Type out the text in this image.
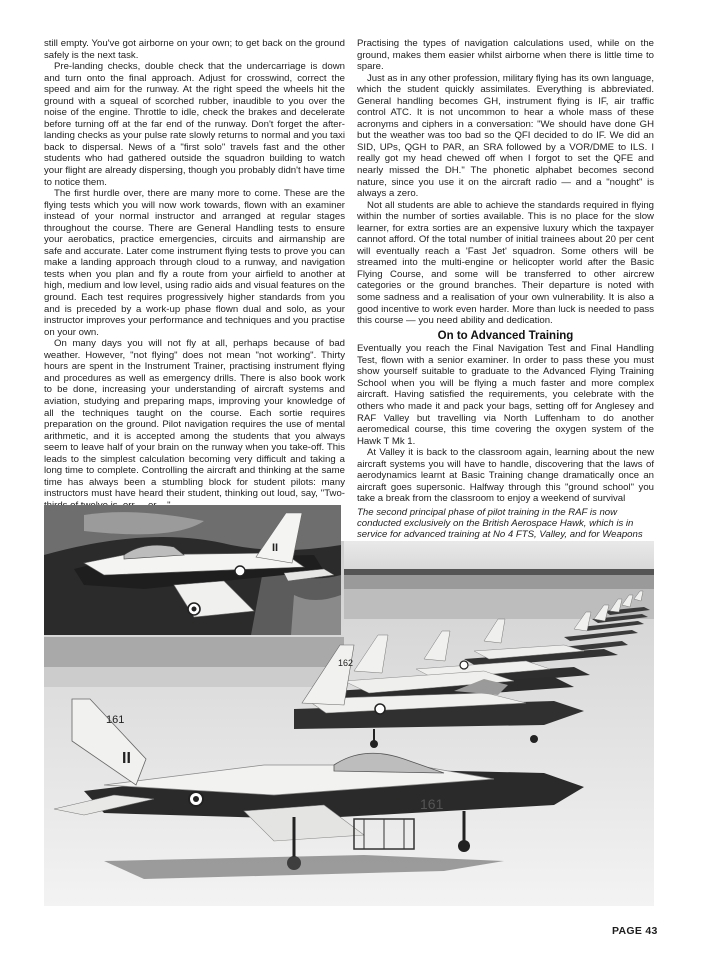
still empty. You've got airborne on your own; to get back on the ground safely is the next task.

Pre-landing checks, double check that the undercarriage is down and turn onto the final approach. Adjust for crosswind, correct the speed and aim for the runway. At the right speed the wheels hit the ground with a squeal of scorched rubber, inaudible to you over the noise of the engine. Throttle to idle, check the brakes and decelerate before turning off at the far end of the runway. Don't forget the after-landing checks as your pulse rate slowly returns to normal and you taxi back to dispersal. News of a "first solo" travels fast and the other students who had gathered outside the squadron building to watch your flight are already dispersing, though you probably didn't have time to notice them.

The first hurdle over, there are many more to come. These are the flying tests which you will now work towards, flown with an examiner instead of your normal instructor and arranged at regular stages throughout the course. There are General Handling tests to ensure your aerobatics, practice emergencies, circuits and airmanship are safe and accurate. Later come instrument flying tests to prove you can make a landing approach through cloud to a runway, and navigation tests when you plan and fly a route from your airfield to another at high, medium and low level, using radio aids and visual features on the ground. Each test requires progressively higher standards from you and is preceded by a work-up phase flown dual and solo, as your instructor improves your performance and techniques and you practise on your own.

On many days you will not fly at all, perhaps because of bad weather. However, "not flying" does not mean "not working". Thirty hours are spent in the Instrument Trainer, practising instrument flying and procedures as well as emergency drills. There is also book work to be done, increasing your understanding of aircraft systems and aviation, studying and preparing maps, improving your knowledge of all the techniques taught on the course. Each sortie requires preparation on the ground. Pilot navigation requires the use of mental arithmetic, and it is accepted among the students that you always seem to leave half of your brain on the runway when you take-off. This leads to the simplest calculation becoming very difficult and taking a long time to complete. Controlling the aircraft and thinking at the same time has always been a stumbling block for student pilots: many instructors must have heard their student, thinking out loud, say, "Two-

Practising the types of navigation calculations used, while on the ground, makes them easier whilst airborne when there is little time to spare.

Just as in any other profession, military flying has its own language, which the student quickly assimilates. Everything is abbreviated. General handling becomes GH, instrument flying is IF, air traffic control ATC. It is not uncommon to hear a whole mass of these acronyms and ciphers in a conversation: "We should have done GH but the weather was too bad so the QFI decided to do IF. We did an SID, UPs, QGH to PAR, an SRA followed by a VOR/DME to ILS. I really got my head chewed off when I forgot to set the QFE and nearly missed the DH." The phonetic alphabet becomes second nature, since you use it on the aircraft radio — and a "nought" is always a zero.

Not all students are able to achieve the standards required in flying within the number of sorties available. This is no place for the slow learner, for extra sorties are an expensive luxury which the taxpayer cannot afford. Of the total number of initial trainees about 20 per cent will eventually reach a 'Fast Jet' squadron. Some others will be streamed into the multi-engine or helicopter world after the Basic Flying Course, and some will be transferred to other aircrew categories or the ground branches. Their departure is noted with some sadness and a realisation of your own vulnerability. It is also a good incentive to work even harder. More than luck is needed to pass this course — you need ability and dedication.

On to Advanced Training

Eventually you reach the Final Navigation Test and Final Handling Test, flown with a senior examiner. In order to pass these you must show yourself suitable to graduate to the Advanced Flying Training School when you will be flying a much faster and more complex aircraft. Having satisfied the requirements, you celebrate with the others who made it and pack your bags, setting off for Anglesey and RAF Valley but travelling via North Luffenham to do another aeromedical course, this time covering the oxygen system of the Hawk T Mk 1.

At Valley it is back to the classroom again, learning about the new aircraft systems you will have to handle, discovering that the laws of aerodynamics learnt at Basic Training change dramatically once an aircraft goes supersonic. Halfway through this "ground school" you take a break from the classroom to enjoy a weekend of survival

The second principal phase of pilot training in the RAF is now
conducted exclusively on the British Aerospace Hawk, which is in
service for advanced training at No 4 FTS, Valley, and for Weapons
162
161
II
161
II
PAGE 43
